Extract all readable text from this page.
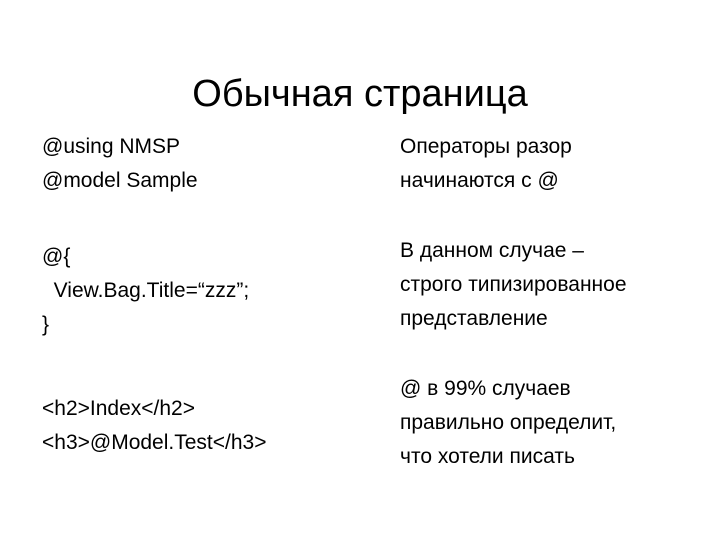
Обычная страница
@using NMSP
@model Sample
@{
View.Bag.Title=“zzz”;
}
<h2>Index</h2>
<h3>@Model.Test</h3>
Операторы разор
начинаются с @
В данном случае –
строго типизированное
представление
@ в 99% случаев
правильно определит,
что хотели писать
